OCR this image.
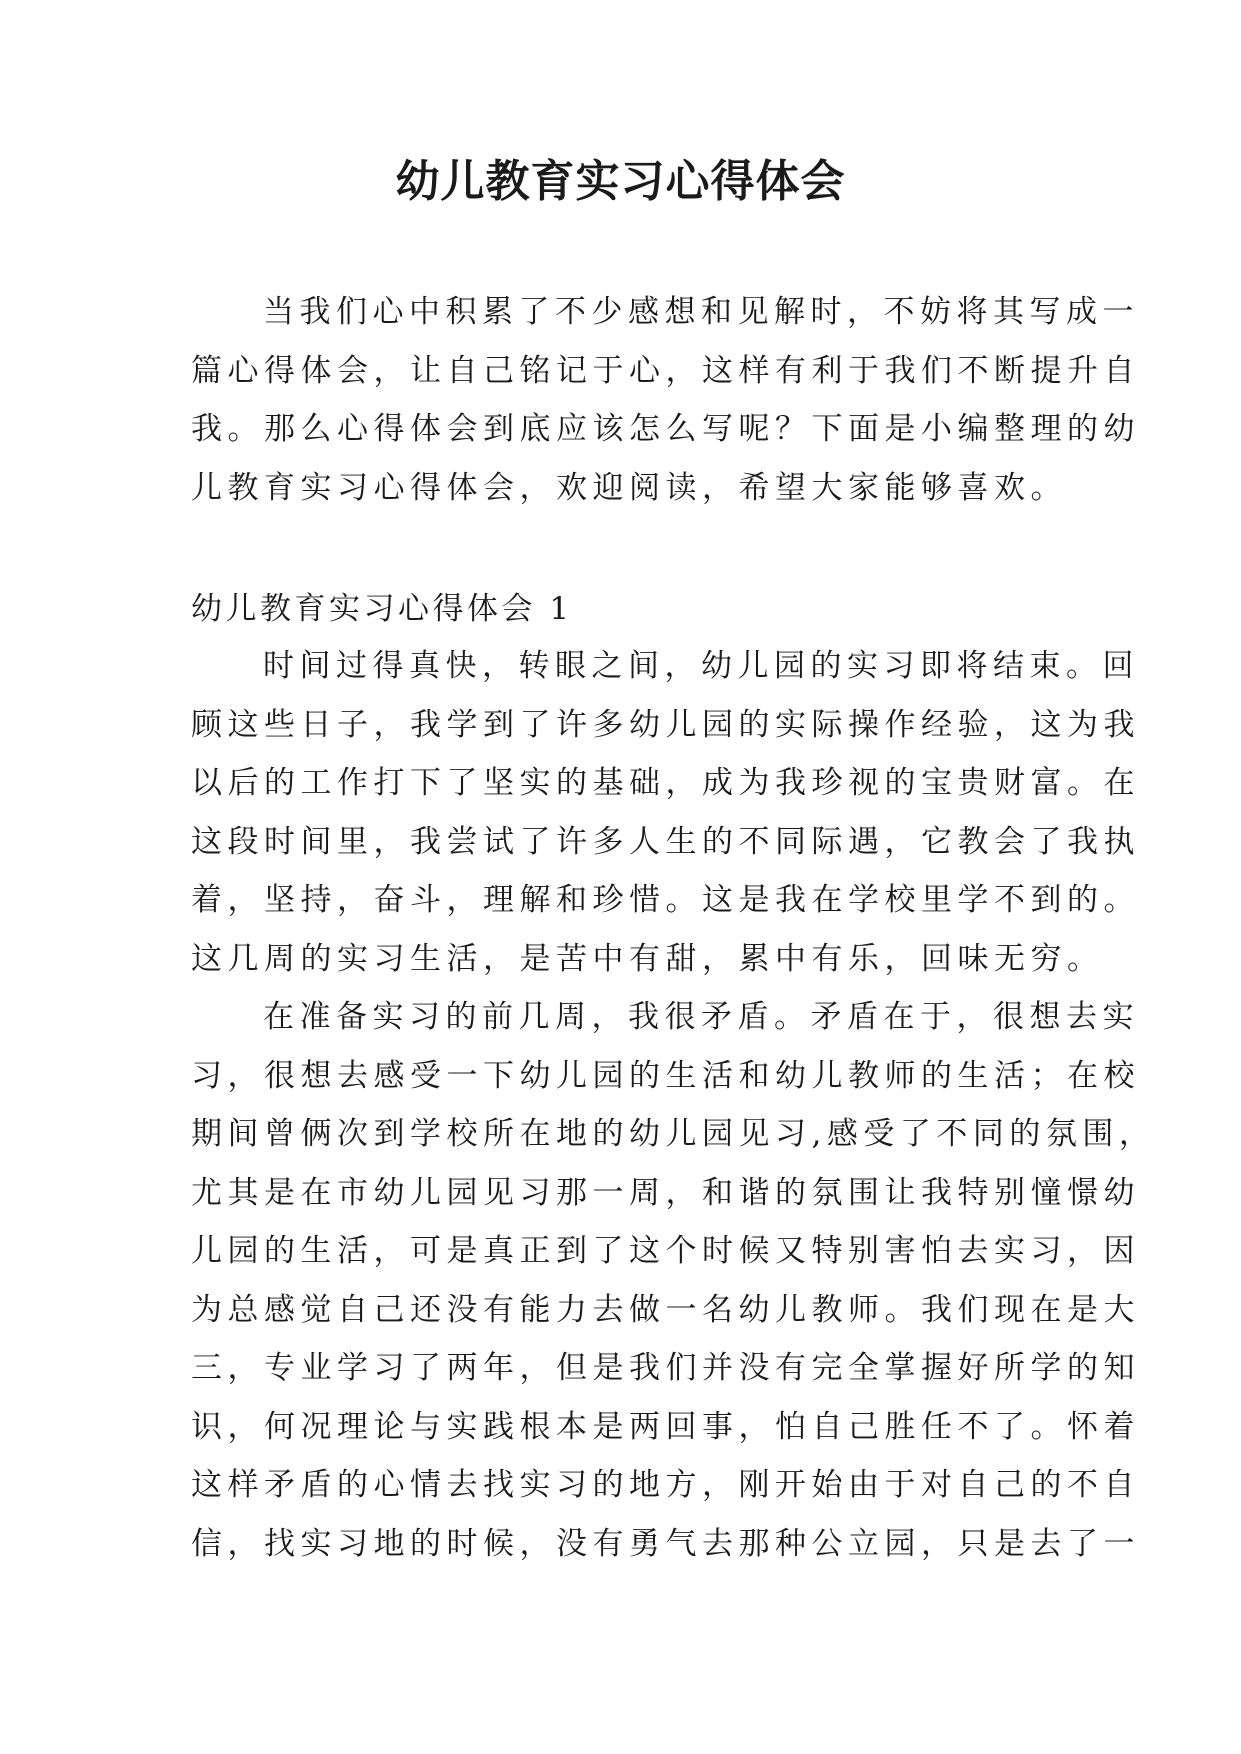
幼儿教育实习心得体会
当我们心中积累了不少感想和见解时，不妨将其写成一
篇心得体会，让自己铭记于心，这样有利于我们不断提升自
我。那么心得体会到底应该怎么写呢？下面是小编整理的幼
儿教育实习心得体会，欢迎阅读，希望大家能够喜欢。
幼儿教育实习心得体会 1
时间过得真快，转眼之间，幼儿园的实习即将结束。回
顾这些日子，我学到了许多幼儿园的实际操作经验，这为我
以后的工作打下了坚实的基础，成为我珍视的宝贵财富。在
这段时间里，我尝试了许多人生的不同际遇，它教会了我执
着，坚持，奋斗，理解和珍惜。这是我在学校里学不到的。
这几周的实习生活，是苦中有甜，累中有乐，回味无穷。
在准备实习的前几周，我很矛盾。矛盾在于，很想去实
习，很想去感受一下幼儿园的生活和幼儿教师的生活；在校
期间曾俩次到学校所在地的幼儿园见习,感受了不同的氛围，
尤其是在市幼儿园见习那一周，和谐的氛围让我特别憧憬幼
儿园的生活，可是真正到了这个时候又特别害怕去实习，因
为总感觉自己还没有能力去做一名幼儿教师。我们现在是大
三，专业学习了两年，但是我们并没有完全掌握好所学的知
识，何况理论与实践根本是两回事，怕自己胜任不了。怀着
这样矛盾的心情去找实习的地方，刚开始由于对自己的不自
信，找实习地的时候，没有勇气去那种公立园，只是去了一
